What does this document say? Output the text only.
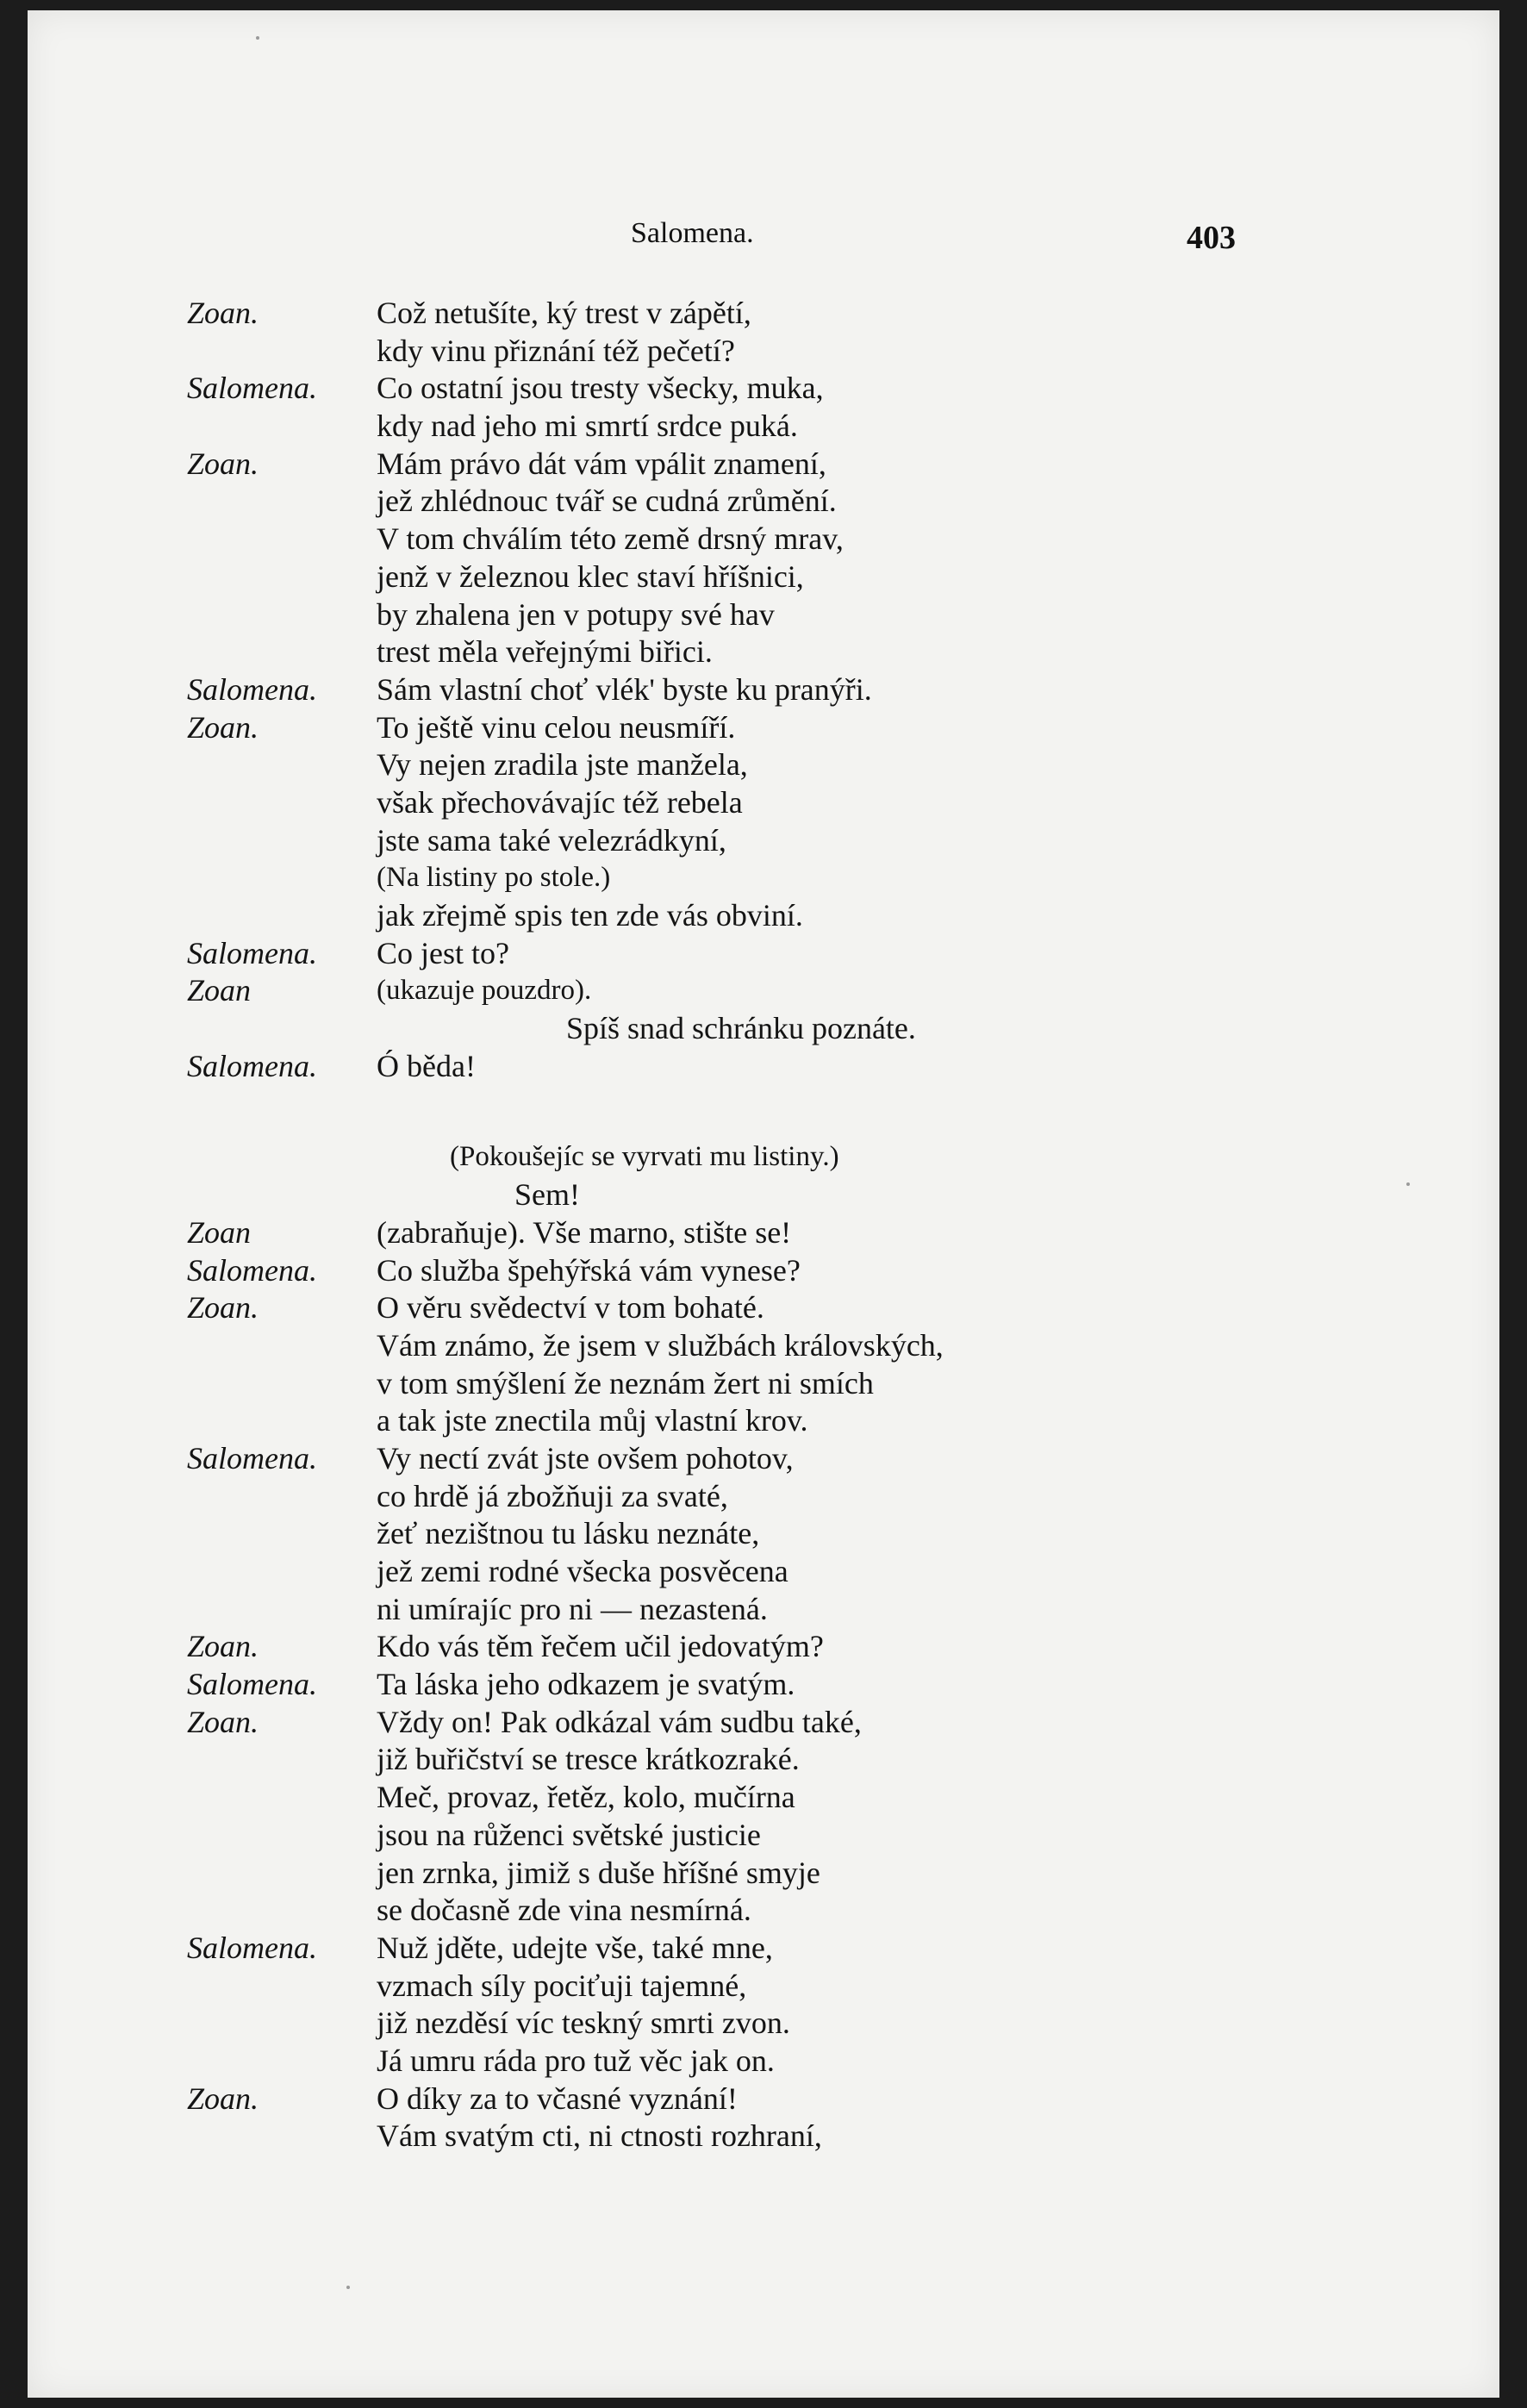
Salomena.	403
Zoan.	Což netušíte, ký trest v zápětí,
kdy vinu přiznání též pečetí?
Salomena. Co ostatní jsou tresty všecky, muka,
kdy nad jeho mi smrtí srdce puká.
Zoan.	Mám právo dát vám vpálit znamení,
jež zhlédnouc tvář se cudná zrůmění.
V tom chválím této země drsný mrav,
jenž v železnou klec staví hříšnici,
by zhalena jen v potupy své hav
trest měla veřejnými biřici.
Salomena. Sám vlastní choť vlék' byste ku pranýři.
Zoan.	To ještě vinu celou neusmíří.
Vy nejen zradila jste manžela,
však přechovávajíc též rebela
jste sama také velezrádkyní,
(Na listiny po stole.)
jak zřejmě spis ten zde vás obviní.
Salomena. Co jest to?
Zoan	(ukazuje pouzdro).
Spíš snad schránku poznáte.
Salomena. Ó běda!
(Pokoušejíc se vyrvati mu listiny.)
Sem!
Zoan	(zabraňuje). Vše marno, stište se!
Salomena. Co služba špehýřská vám vynese?
Zoan.	O věru svědectví v tom bohaté.
Vám známo, že jsem v službách královských,
v tom smýšlení že neznám žert ni smích
a tak jste znectila můj vlastní krov.
Salomena. Vy nectí zvát jste ovšem pohotov,
co hrdě já zbožňuji za svaté,
žeť nezištnou tu lásku neznáte,
jež zemi rodné všecka posvěcena
ni umírajíc pro ni — nezastená.
Zoan.	Kdo vás těm řečem učil jedovatým?
Salomena. Ta láska jeho odkazem je svatým.
Zoan.	Vždy on! Pak odkázal vám sudbu také,
již buřičství se tresce krátkozraké.
Meč, provaz, řetěz, kolo, mučírna
jsou na růženci světské justicie
jen zrnka, jimiž s duše hříšné smyje
se dočasně zde vina nesmírná.
Salomena. Nuž jděte, udejte vše, také mne,
vzmach síly pociťuji tajemné,
již nezděsí víc teskný smrti zvon.
Já umru ráda pro tuž věc jak on.
Zoan.	O díky za to včasné vyznání!
Vám svatým cti, ni ctnosti rozhraní,
